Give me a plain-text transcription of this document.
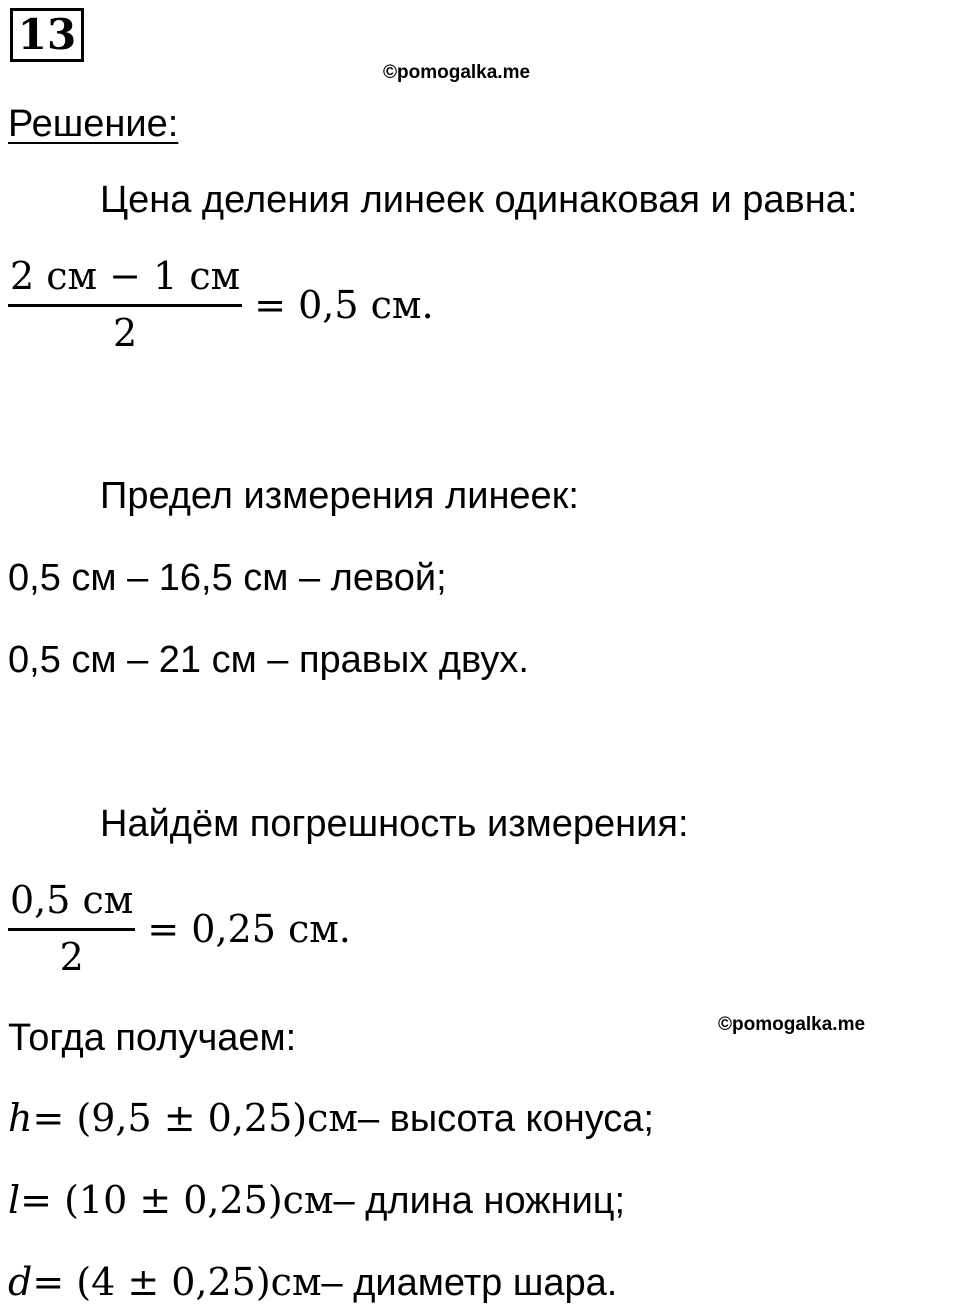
13
©pomogalka.me
Решение:
Цена деления линеек одинаковая и равна:
$\frac{2 см - 1 см}{2} = 0,5$ см.
Предел измерения линеек:
0,5 см – 16,5 см – левой;
0,5 см – 21 см – правых двух.
Найдём погрешность измерения:
$\frac{0,5 см}{2} = 0,25$ см.
©pomogalka.me
Тогда получаем:
h = (9,5 ± 0,25)см – высота конуса;
l = (10 ± 0,25)см – длина ножниц;
d = (4 ± 0,25)см – диаметр шара.
